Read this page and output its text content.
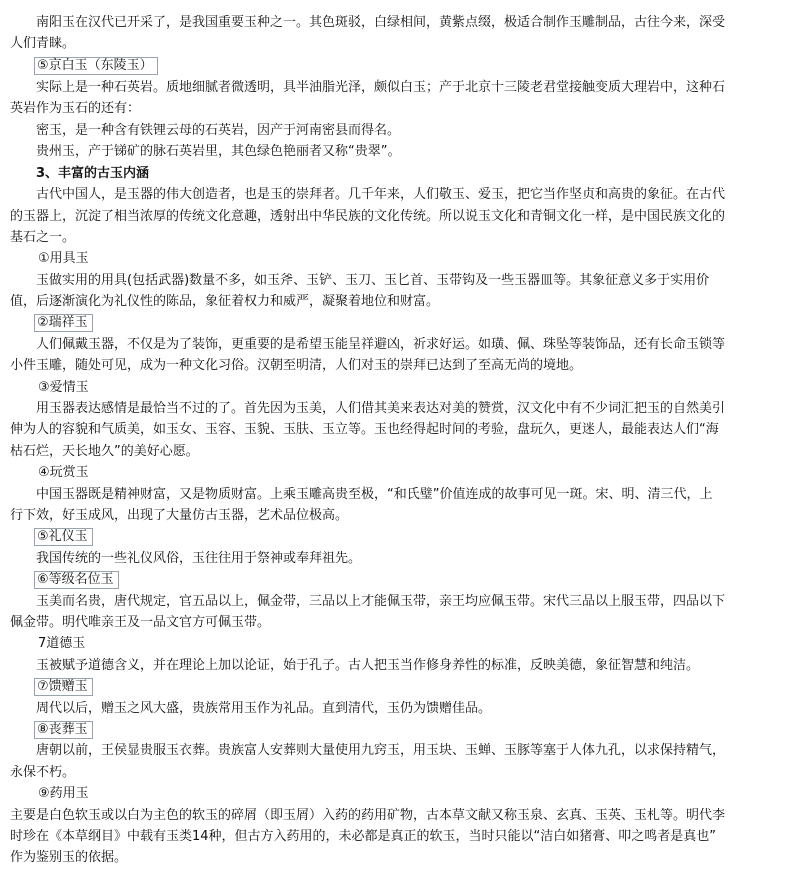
南阳玉在汉代已开采了，是我国重要玉种之一。其色斑驳，白绿相间，黄紫点缀，极适合制作玉雕制品，古往今来，深受
人们青睐。
⑤京白玉（东陵玉）
实际上是一种石英岩。质地细腻者微透明，具半油脂光泽，颇似白玉；产于北京十三陵老君堂接触变质大理岩中，这种石
英岩作为玉石的还有：
密玉，是一种含有铁锂云母的石英岩，因产于河南密县而得名。
贵州玉，产于锑矿的脉石英岩里，其色绿色艳丽者又称“贵翠”。
3、丰富的古玉内涵
古代中国人，是玉器的伟大创造者，也是玉的崇拜者。几千年来，人们敬玉、爱玉，把它当作坚贞和高贵的象征。在古代
的玉器上，沉淀了相当浓厚的传统文化意趣，透射出中华民族的文化传统。所以说玉文化和青铜文化一样，是中国民族文化的
基石之一。
①用具玉
玉做实用的用具(包括武器)数量不多，如玉斧、玉铲、玉刀、玉匕首、玉带钩及一些玉器皿等。其象征意义多于实用价
值，后逐渐演化为礼仪性的陈品，象征着权力和威严，凝聚着地位和财富。
②瑞祥玉
人们佩戴玉器，不仅是为了装饰，更重要的是希望玉能呈祥避凶，祈求好运。如璜、佩、珠坠等装饰品，还有长命玉锁等
小件玉雕，随处可见，成为一种文化习俗。汉朝至明清，人们对玉的崇拜已达到了至高无尚的境地。
③爱情玉
用玉器表达感情是最恰当不过的了。首先因为玉美，人们借其美来表达对美的赞赏，汉文化中有不少词汇把玉的自然美引
伸为人的容貌和气质美，如玉女、玉容、玉貌、玉肤、玉立等。玉也经得起时间的考验，盘玩久，更迷人，最能表达人们“海
枯石烂，天长地久”的美好心愿。
④玩赏玉
中国玉器既是精神财富，又是物质财富。上乘玉雕高贵至极，“和氏璧”价值连成的故事可见一斑。宋、明、清三代，上
行下效，好玉成风，出现了大量仿古玉器，艺术品位极高。
⑤礼仪玉
我国传统的一些礼仪风俗，玉往往用于祭神或奉拜祖先。
⑥等级名位玉
玉美而名贵，唐代规定，官五品以上，佩金带，三品以上才能佩玉带，亲王均应佩玉带。宋代三品以上服玉带，四品以下
佩金带。明代唯亲王及一品文官方可佩玉带。
7道德玉
玉被赋予道德含义，并在理论上加以论证，始于孔子。古人把玉当作修身养性的标准，反映美德，象征智慧和纯洁。
⑦馈赠玉
周代以后，赠玉之风大盛，贵族常用玉作为礼品。直到清代，玉仍为馈赠佳品。
⑧丧葬玉
唐朝以前，王侯显贵服玉衣葬。贵族富人安葬则大量使用九窍玉，用玉块、玉蝉、玉豚等塞于人体九孔，以求保持精气，
永保不朽。
⑨药用玉
主要是白色软玉或以白为主色的软玉的碎屑（即玉屑）入药的药用矿物，古本草文献又称玉泉、玄真、玉英、玉札等。明代李
时珍在《本草纲目》中载有玉类14种，但古方入药用的，未必都是真正的软玉，当时只能以“洁白如猪膏、叩之鸣者是真也”
作为鉴别玉的依据。
